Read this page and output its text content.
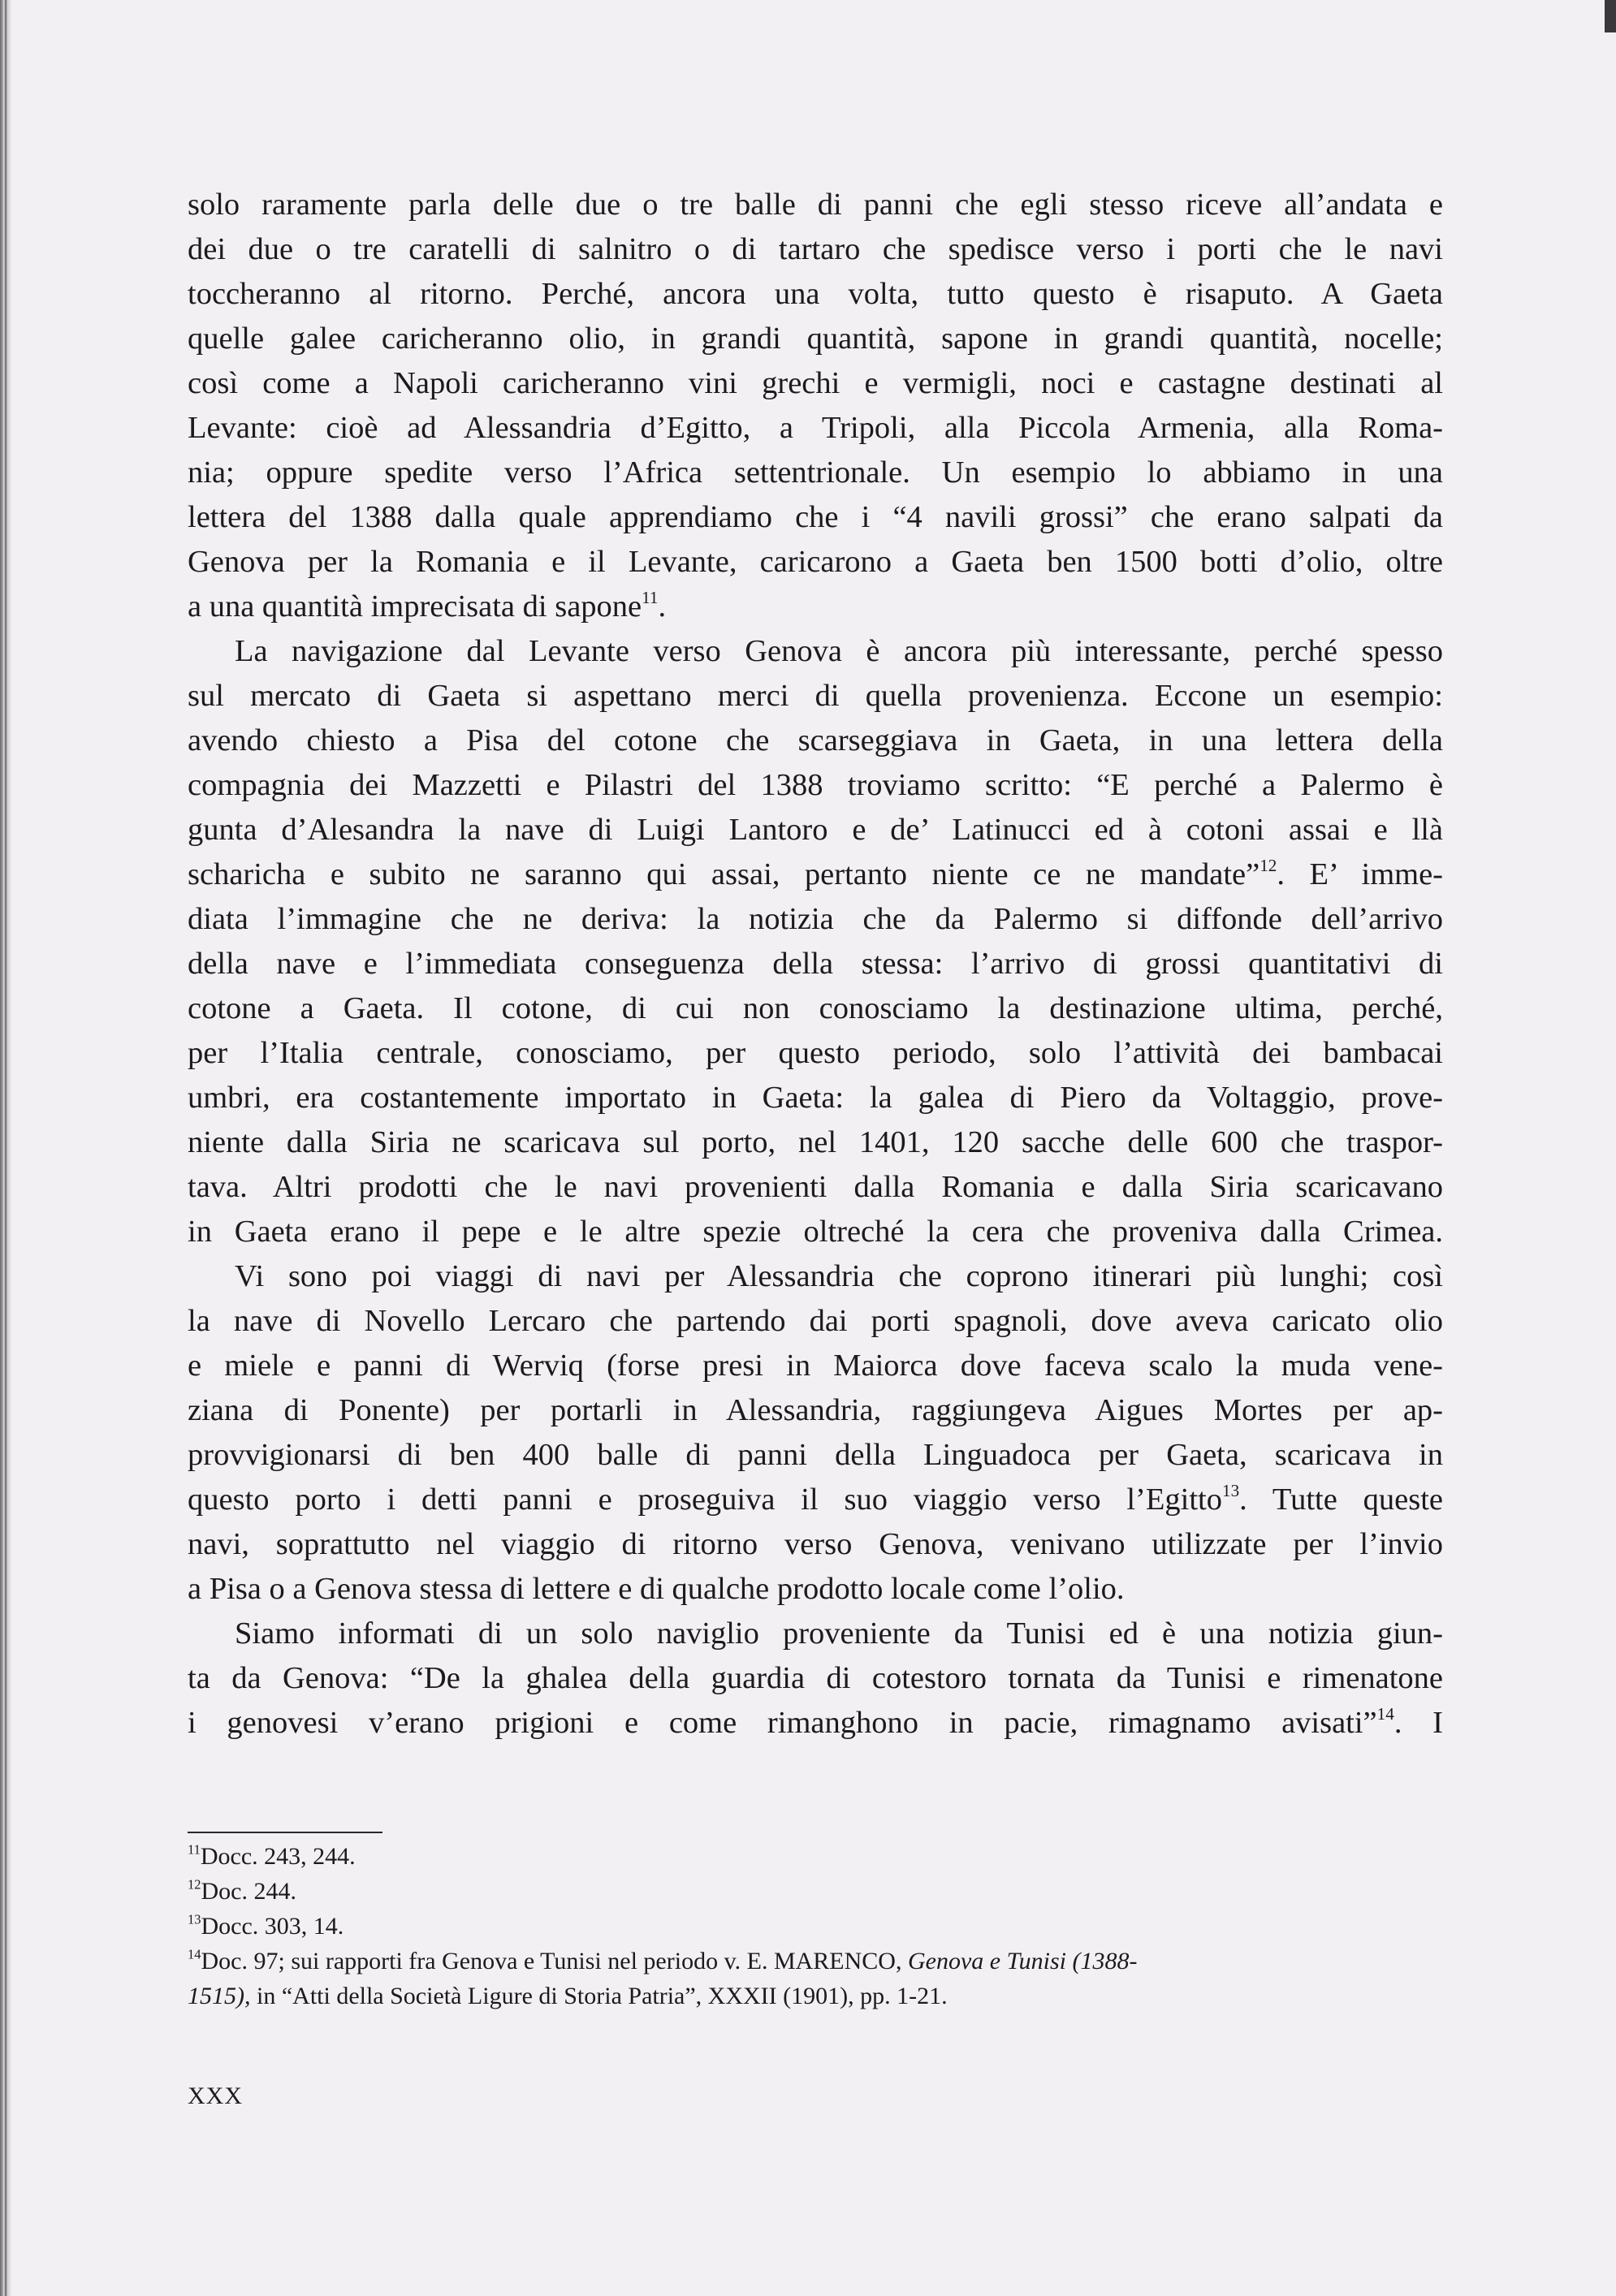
solo raramente parla delle due o tre balle di panni che egli stesso riceve all’andata e
dei due o tre caratelli di salnitro o di tartaro che spedisce verso i porti che le navi
toccheranno al ritorno. Perché, ancora una volta, tutto questo è risaputo. A Gaeta
quelle galee caricheranno olio, in grandi quantità, sapone in grandi quantità, nocelle;
così come a Napoli caricheranno vini grechi e vermigli, noci e castagne destinati al
Levante: cioè ad Alessandria d’Egitto, a Tripoli, alla Piccola Armenia, alla Roma-
nia; oppure spedite verso l’Africa settentrionale. Un esempio lo abbiamo in una
lettera del 1388 dalla quale apprendiamo che i “4 navili grossi” che erano salpati da
Genova per la Romania e il Levante, caricarono a Gaeta ben 1500 botti d’olio, oltre
a una quantità imprecisata di sapone$^{11}$.
La navigazione dal Levante verso Genova è ancora più interessante, perché spesso
sul mercato di Gaeta si aspettano merci di quella provenienza. Eccone un esempio:
avendo chiesto a Pisa del cotone che scarseggiava in Gaeta, in una lettera della
compagnia dei Mazzetti e Pilastri del 1388 troviamo scritto: “E perché a Palermo è
gunta d’Alesandra la nave di Luigi Lantoro e de’ Latinucci ed à cotoni assai e llà
scharicha e subito ne saranno qui assai, pertanto niente ce ne mandate”$^{12}$. E’ imme-
diata l’immagine che ne deriva: la notizia che da Palermo si diffonde dell’arrivo
della nave e l’immediata conseguenza della stessa: l’arrivo di grossi quantitativi di
cotone a Gaeta. Il cotone, di cui non conosciamo la destinazione ultima, perché,
per l’Italia centrale, conosciamo, per questo periodo, solo l’attività dei bambacai
umbri, era costantemente importato in Gaeta: la galea di Piero da Voltaggio, prove-
niente dalla Siria ne scaricava sul porto, nel 1401, 120 sacche delle 600 che traspor-
tava. Altri prodotti che le navi provenienti dalla Romania e dalla Siria scaricavano
in Gaeta erano il pepe e le altre spezie oltreché la cera che proveniva dalla Crimea.
Vi sono poi viaggi di navi per Alessandria che coprono itinerari più lunghi; così
la nave di Novello Lercaro che partendo dai porti spagnoli, dove aveva caricato olio
e miele e panni di Werviq (forse presi in Maiorca dove faceva scalo la muda vene-
ziana di Ponente) per portarli in Alessandria, raggiungeva Aigues Mortes per ap-
provvigionarsi di ben 400 balle di panni della Linguadoca per Gaeta, scaricava in
questo porto i detti panni e proseguiva il suo viaggio verso l’Egitto$^{13}$. Tutte queste
navi, soprattutto nel viaggio di ritorno verso Genova, venivano utilizzate per l’invio
a Pisa o a Genova stessa di lettere e di qualche prodotto locale come l’olio.
Siamo informati di un solo naviglio proveniente da Tunisi ed è una notizia giun-
ta da Genova: “De la ghalea della guardia di cotestoro tornata da Tunisi e rimenatone
i genovesi v’erano prigioni e come rimanghono in pacie, rimagnamo avisati”$^{14}$. I
$^{11}$Docc. 243, 244.
$^{12}$Doc. 244.
$^{13}$Docc. 303, 14.
$^{14}$Doc. 97; sui rapporti fra Genova e Tunisi nel periodo v. E. MARENCO, Genova e Tunisi (1388-
1515), in “Atti della Società Ligure di Storia Patria”, XXXII (1901), pp. 1-21.
XXX
